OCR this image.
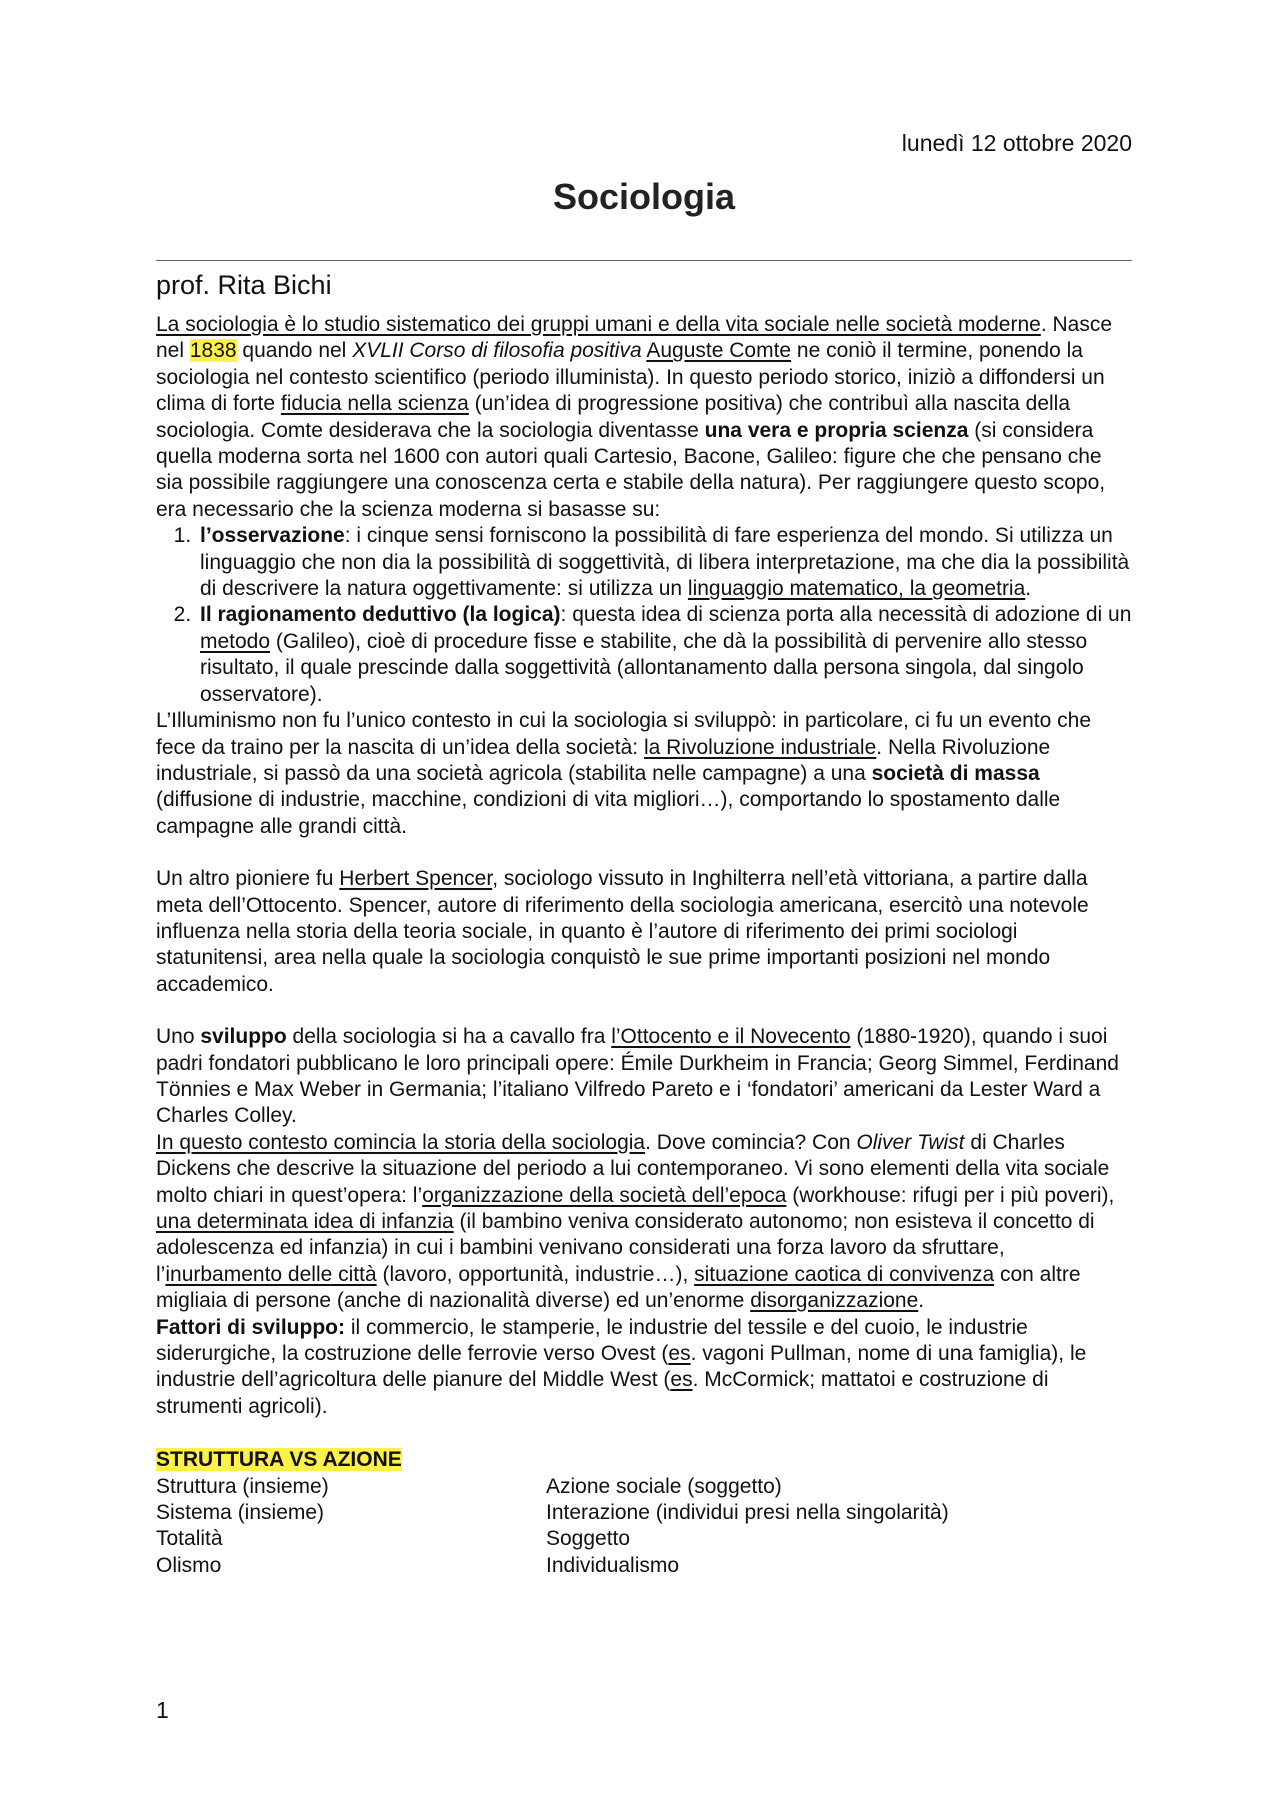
lunedì 12 ottobre 2020
Sociologia
prof. Rita Bichi

La sociologia è lo studio sistematico dei gruppi umani e della vita sociale nelle società moderne. Nasce nel 1838 quando nel XVLII Corso di filosofia positiva Auguste Comte ne coniò il termine, ponendo la sociologia nel contesto scientifico (periodo illuminista). In questo periodo storico, iniziò a diffondersi un clima di forte fiducia nella scienza (un’idea di progressione positiva) che contribuì alla nascita della sociologia. Comte desiderava che la sociologia diventasse una vera e propria scienza (si considera quella moderna sorta nel 1600 con autori quali Cartesio, Bacone, Galileo: figure che che pensano che sia possibile raggiungere una conoscenza certa e stabile della natura). Per raggiungere questo scopo, era necessario che la scienza moderna si basasse su:

1. l’osservazione: i cinque sensi forniscono la possibilità di fare esperienza del mondo. Si utilizza un linguaggio che non dia la possibilità di soggettività, di libera interpretazione, ma che dia la possibilità di descrivere la natura oggettivamente: si utilizza un linguaggio matematico, la geometria.
2. Il ragionamento deduttivo (la logica): questa idea di scienza porta alla necessità di adozione di un metodo (Galileo), cioè di procedure fisse e stabilite, che dà la possibilità di pervenire allo stesso risultato, il quale prescinde dalla soggettività (allontanamento dalla persona singola, dal singolo osservatore).

L’Illuminismo non fu l’unico contesto in cui la sociologia si sviluppò: in particolare, ci fu un evento che fece da traino per la nascita di un’idea della società: la Rivoluzione industriale. Nella Rivoluzione industriale, si passò da una società agricola (stabilita nelle campagne) a una società di massa (diffusione di industrie, macchine, condizioni di vita migliori…), comportando lo spostamento dalle campagne alle grandi città.

Un altro pioniere fu Herbert Spencer, sociologo vissuto in Inghilterra nell’età vittoriana, a partire dalla meta dell’Ottocento. Spencer, autore di riferimento della sociologia americana, esercitò una notevole influenza nella storia della teoria sociale, in quanto è l’autore di riferimento dei primi sociologi statunitensi, area nella quale la sociologia conquistò le sue prime importanti posizioni nel mondo accademico.

Uno sviluppo della sociologia si ha a cavallo fra l’Ottocento e il Novecento (1880-1920), quando i suoi padri fondatori pubblicano le loro principali opere: Émile Durkheim in Francia; Georg Simmel, Ferdinand Tönnies e Max Weber in Germania; l’italiano Vilfredo Pareto e i ‘fondatori’ americani da Lester Ward a Charles Colley.

In questo contesto comincia la storia della sociologia. Dove comincia? Con Oliver Twist di Charles Dickens che descrive la situazione del periodo a lui contemporaneo. Vi sono elementi della vita sociale molto chiari in quest’opera: l’organizzazione della società dell’epoca (workhouse: rifugi per i più poveri), una determinata idea di infanzia (il bambino veniva considerato autonomo; non esisteva il concetto di adolescenza ed infanzia) in cui i bambini venivano considerati una forza lavoro da sfruttare, l’inurbamento delle città (lavoro, opportunità, industrie…), situazione caotica di convivenza con altre migliaia di persone (anche di nazionalità diverse) ed un’enorme disorganizzazione.

Fattori di sviluppo: il commercio, le stamperie, le industrie del tessile e del cuoio, le industrie siderurgiche, la costruzione delle ferrovie verso Ovest (es. vagoni Pullman, nome di una famiglia), le industrie dell’agricoltura delle pianure del Middle West (es. McCormick; mattatoi e costruzione di strumenti agricoli).

STRUTTURA VS AZIONE
Struttura (insieme)	Azione sociale (soggetto)
Sistema (insieme)	Interazione (individui presi nella singolarità)
Totalità	Soggetto
Olismo	Individualismo
1
